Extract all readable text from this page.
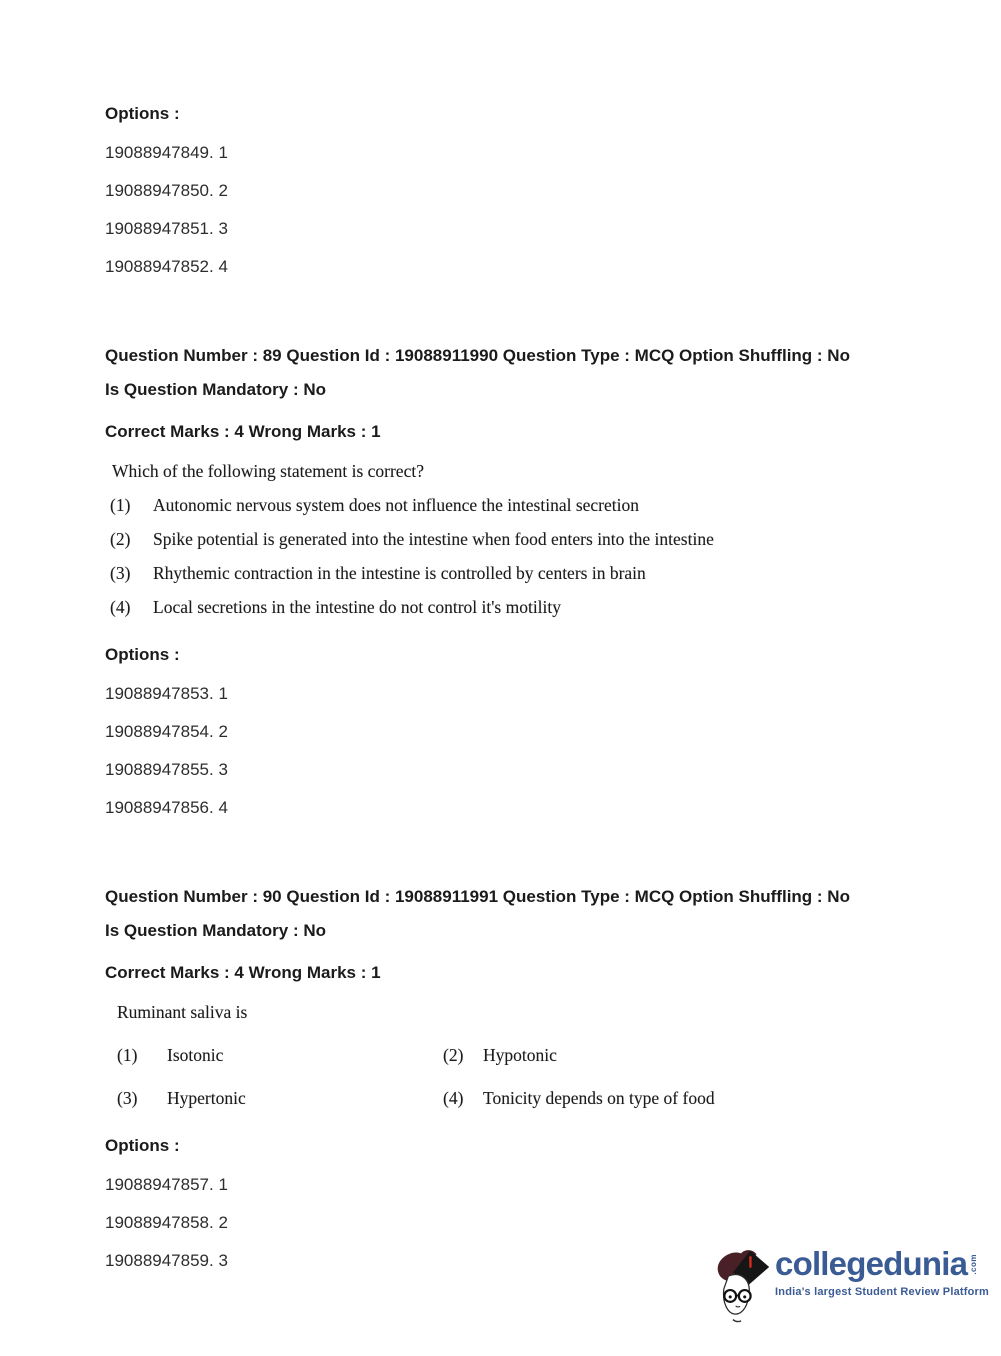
Options :
19088947849. 1
19088947850. 2
19088947851. 3
19088947852. 4
Question Number : 89 Question Id : 19088911990 Question Type : MCQ Option Shuffling : No
Is Question Mandatory : No
Correct Marks : 4 Wrong Marks : 1
Which of the following statement is correct?
(1)	Autonomic nervous system does not influence the intestinal secretion
(2)	Spike potential is generated into the intestine when food enters into the intestine
(3)	Rhythemic contraction in the intestine is controlled by centers in brain
(4)	Local secretions in the intestine do not control it's motility
Options :
19088947853. 1
19088947854. 2
19088947855. 3
19088947856. 4
Question Number : 90 Question Id : 19088911991 Question Type : MCQ Option Shuffling : No
Is Question Mandatory : No
Correct Marks : 4 Wrong Marks : 1
Ruminant saliva is
(1)	Isotonic	(2)	Hypotonic
(3)	Hypertonic	(4)	Tonicity depends on type of food
Options :
19088947857. 1
19088947858. 2
19088947859. 3	collegedunia .com
India's largest Student Review Platform
